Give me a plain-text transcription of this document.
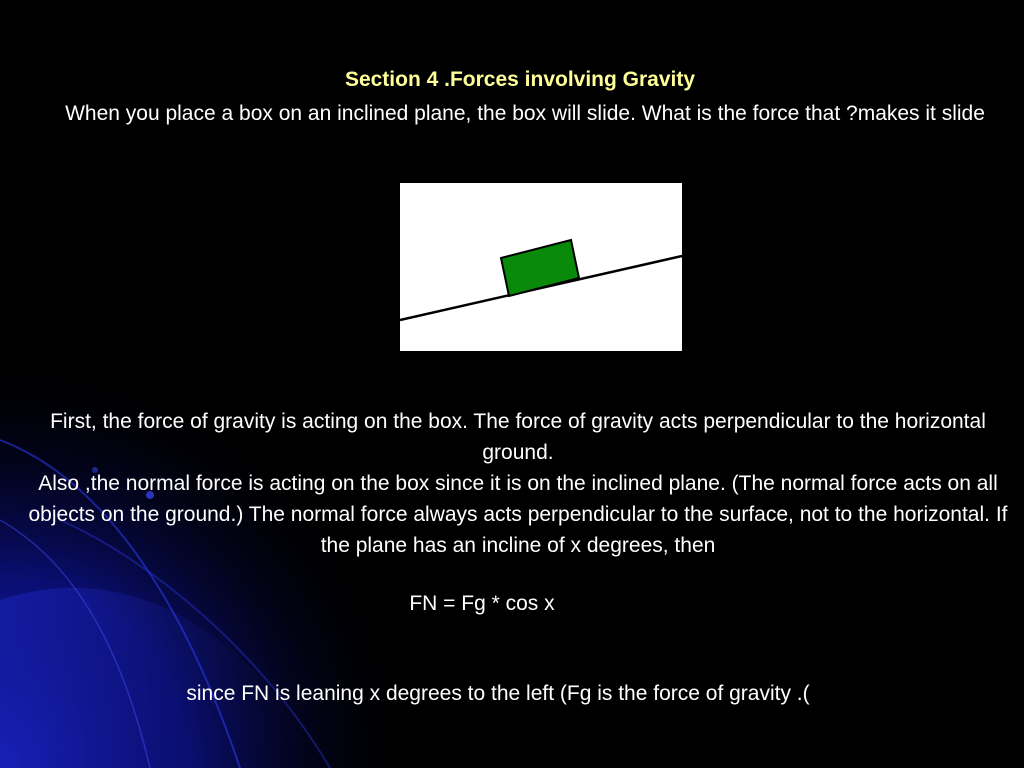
Section 4 .Forces involving Gravity
When you place a box on an inclined plane, the box will slide. What is the force that ?makes it slide

First, the force of gravity is acting on the box. The force of gravity acts perpendicular to the horizontal ground.

Also ,the normal force is acting on the box since it is on the inclined plane. (The normal force acts on all objects on the ground.) The normal force always acts perpendicular to the surface, not to the horizontal. If the plane has an incline of x degrees, then

FN = Fg * cos x
since FN is leaning x degrees to the left (Fg is the force of gravity .(
